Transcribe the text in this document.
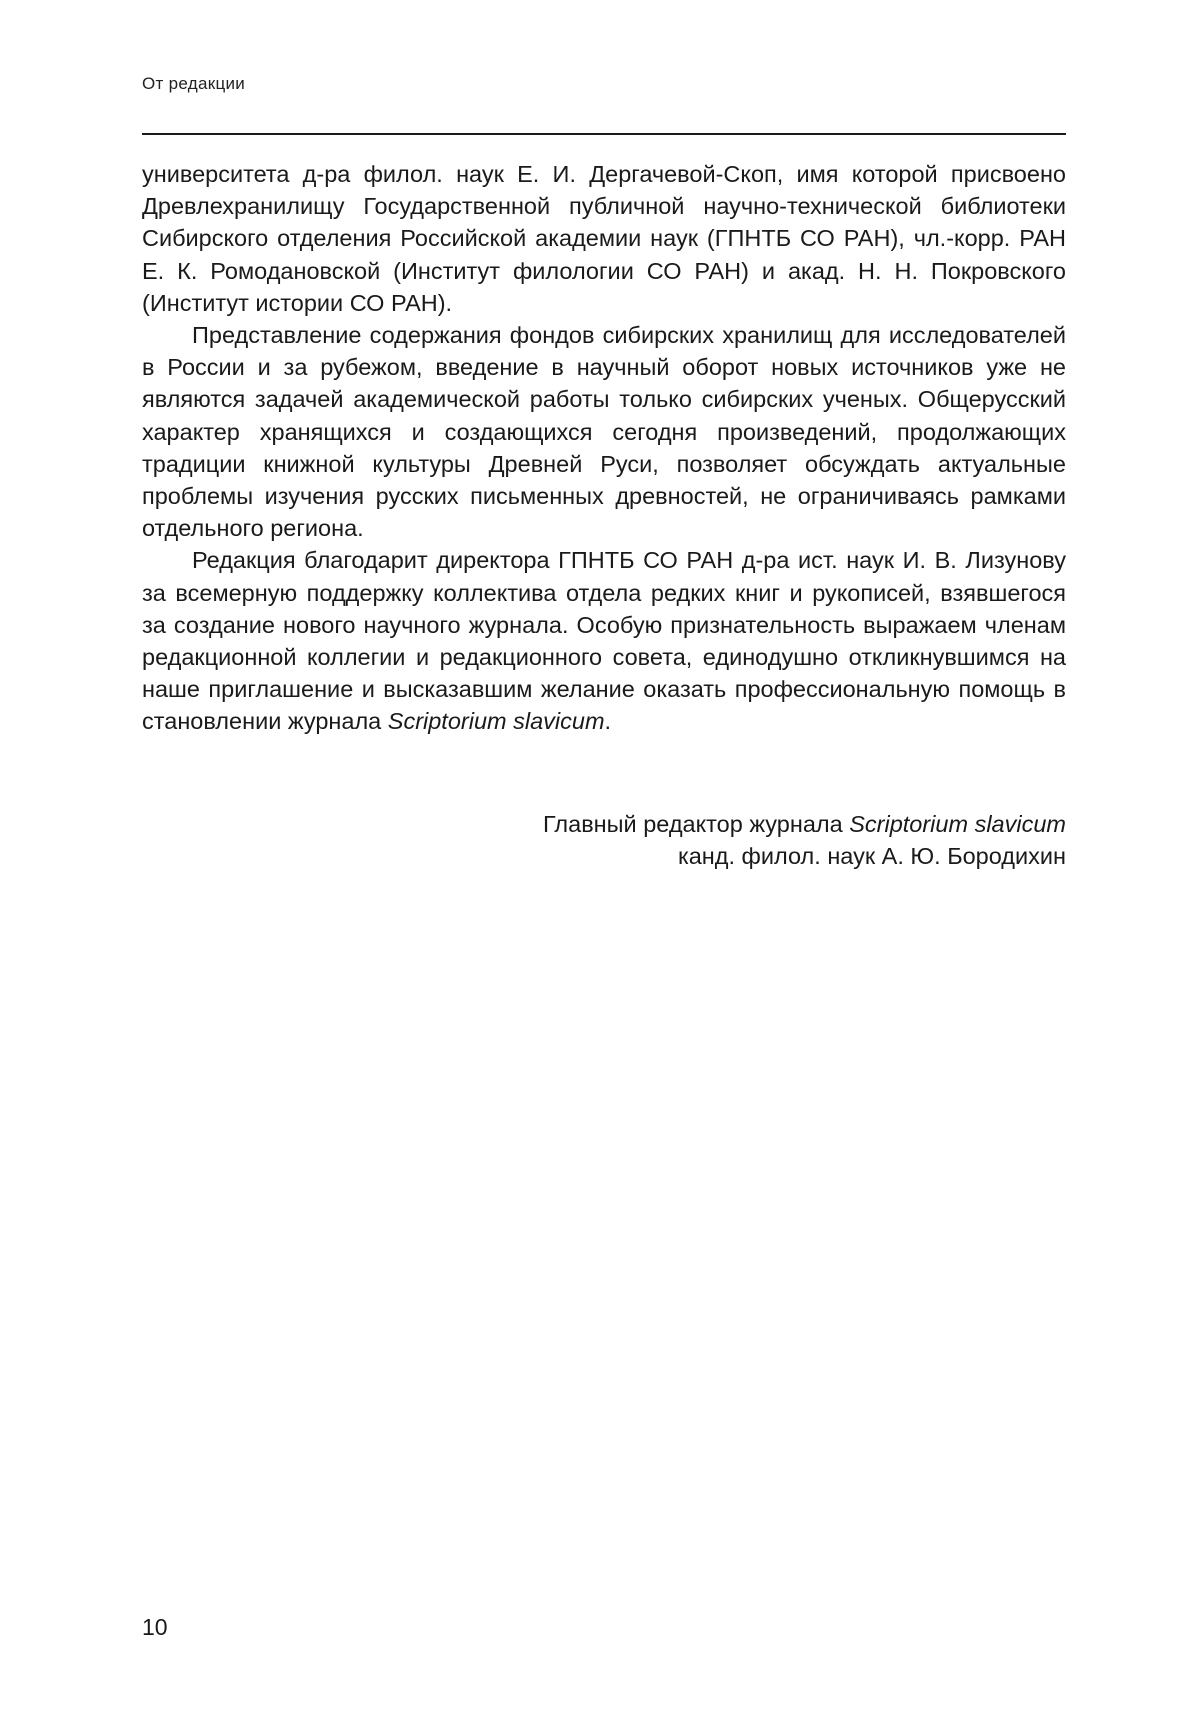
От редакции

университета д-ра филол. наук Е. И. Дергачевой-Скоп, имя которой присвоено Древлехранилищу Государственной публичной научно-технической библиотеки Сибирского отделения Российской академии наук (ГПНТБ СО РАН), чл.-корр. РАН Е. К. Ромодановской (Институт филологии СО РАН) и акад. Н. Н. Покровского (Институт истории СО РАН).

Представление содержания фондов сибирских хранилищ для исследователей в России и за рубежом, введение в научный оборот новых источников уже не являются задачей академической работы только сибирских ученых. Общерусский характер хранящихся и создающихся сегодня произведений, продолжающих традиции книжной культуры Древней Руси, позволяет обсуждать актуальные проблемы изучения русских письменных древностей, не ограничиваясь рамками отдельного региона.

Редакция благодарит директора ГПНТБ СО РАН д-ра ист. наук И. В. Лизунову за всемерную поддержку коллектива отдела редких книг и рукописей, взявшегося за создание нового научного журнала. Особую признательность выражаем членам редакционной коллегии и редакционного совета, единодушно откликнувшимся на наше приглашение и высказавшим желание оказать профессиональную помощь в становлении журнала Scriptorium slavicum.

Главный редактор журнала Scriptorium slavicum
канд. филол. наук А. Ю. Бородихин
10
